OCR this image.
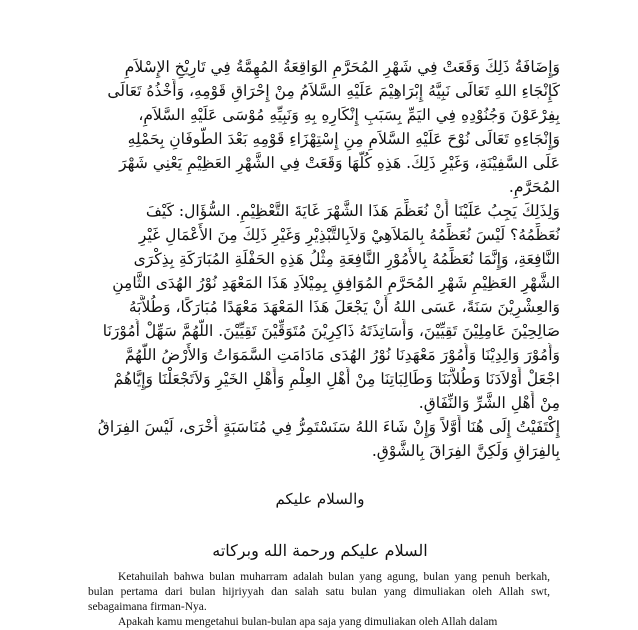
وَإِضَافَةُ ذَلِكَ وَقَعَتْ فِي شَهْرِ المُحَرَّمِ الوَاقِعَةُ المُهِمَّةُ فِي تَارِيْخِ الإِسْلاَمِ
كَإِنْجَاءِ اللهِ تَعَالَى نَبِيَّهُ إِبْرَاهِيْمَ عَلَيْهِ السَّلاَمُ مِنْ إِحْرَاقِ قَوْمِهِ، وَأَخْذُهُ تَعَالَى
بِفِرْعَوْنَ وَجُنُوْدِهِ فِي اليَمِّ بِسَبَبِ إِنْكَارِهِ بِهِ وَنَبِيِّهِ مُوْسَى عَلَيْهِ السَّلاَمِ،
وَإِنْجَاءِهِ تَعَالَى نُوْحَ عَلَيْهِ السَّلاَمِ مِنِ إِسْتِهْزَاءِ قَوْمِهِ بَعْدَ الطُّوفَانِ بِحَمْلِهِ
عَلَى السَّفِيْنَةِ، وَغَيْرِ ذَلِكَ. هَذِهِ كُلُّهَا وَقَعَتْ فِي الشَّهْرِ العَظِيْمِ يَعْنِي شَهْرَ
المُحَرَّمِ.
وَلِذَلِكَ يَجِبُ عَلَيْنَا أَنْ نُعَظِّمَ هَذَا الشَّهْرَ غَايَةَ التَّعْظِيْمِ. السُّؤَال: كَيْفَ
نُعَظِّمُهُ؟ لَيْسَ نُعَظِّمُهُ بِالمَلاَهِيْ وَلاَبِالتَّبْذِيْرِ وَغَيْرِ ذَلِكَ مِنَ الأَعْمَالِ غَيْرِ
النَّافِعَةِ، وَإِنَّمَا نُعَظِّمُهُ بِالأُمُوْرِ النَّافِعَةِ مِثْلُ هَذِهِ الحَفْلَةِ المُبَارَكَةِ بِذِكْرَى
الشَّهْرِ العَظِيْمِ شَهْرِ المُحَرَّمِ المُوَافِقِ بِمِيْلاَدِ هَذَا المَعْهَدِ نُوْرُ الهُدَى الثَّامِنِ
وَالعِشْرِيْنَ سَنَةً، عَسَى اللهُ أَنْ يَجْعَلَ هَذَا المَعْهَدَ مَعْهَدًا مُبَارَكًا، وَطُلاَّبَهُ
صَالِحِيْنَ عَامِلِيْنَ تَقِيِّيْنَ، وَأَسَاتِذَتَهُ ذَاكِرِيْنَ مُتَوَقِّيْنَ تَقِيِّيْنَ. اللَّهُمَّ سَهِّلْ أُمُوْرَنَا
وَأُمُوْرَ وَالِدِيْنَا وَأُمُوْرَ مَعْهَدِنَا نُوْرُ الهُدَى مَادَامَتِ السَّمَوَاتُ وَالأَرْضُ اللَّهُمَّ
اجْعَلْ أَوْلاَدَنَا وَطُلاَّبَنَا وَطَالِبَاتِنَا مِنْ أَهْلِ العِلْمِ وَأَهْلِ الخَيْرِ وَلاَتَجْعَلْنَا وَإِيَّاهُمْ
مِنْ أَهْلِ الشَّرِّ وَالنِّفَاقِ.
إِكْتَفَيْتُ إِلَى هُنَا أَوَّلاً وَإِنْ شَاءَ اللهُ سَنَسْتَمِرُّ فِي مُنَاسَبَةٍ أُخْرَى، لَيْسَ الفِرَاقُ
بِالفِرَاقِ وَلَكِنَّ الفِرَاقَ بِالشَّوْقِ.
والسلام عليكم
السلام عليكم ورحمة الله وبركاته

Ketahuilah bahwa bulan muharram adalah bulan yang agung, bulan yang penuh berkah, bulan pertama dari bulan hijriyyah dan salah satu bulan yang dimuliakan oleh Allah swt, sebagaimana firman-Nya.

Apakah kamu mengetahui bulan-bulan apa saja yang dimuliakan oleh Allah dalam
